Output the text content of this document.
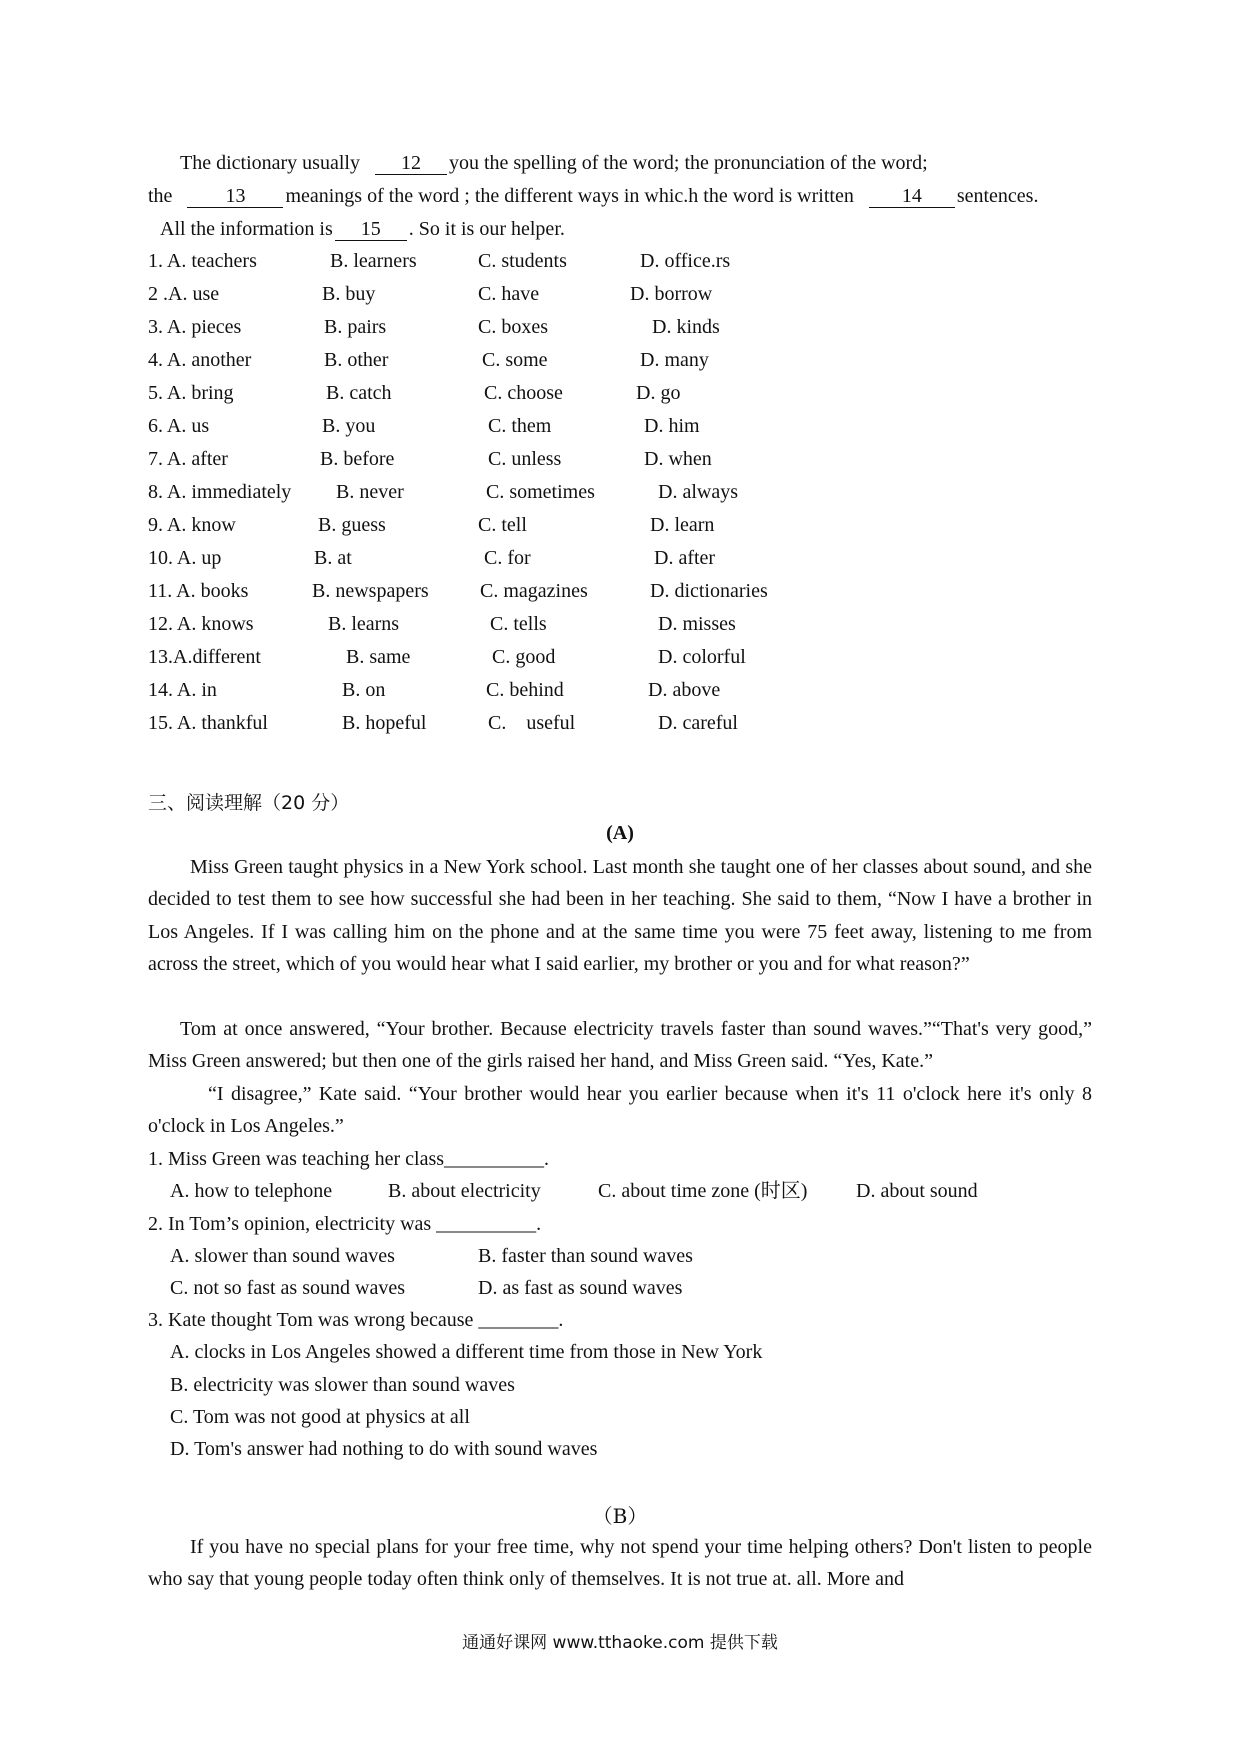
The dictionary usually 12 you the spelling of the word; the pronunciation of the word;
the	13 meanings of the word ; the different ways in whic.h the word is written 14 sentences.
All the information is 15 . So it is our helper.
1. A. teachers	B. learners	C. students	D. office.rs
2 .A. use	B. buy	C. have	D. borrow
3. A. pieces	B. pairs	C. boxes	D. kinds
4. A. another	B. other	C. some	D. many
5. A. bring	B. catch	C. choose	D. go
6. A. us	B. you	C. them	D. him
7. A. after	B. before	C. unless	D. when
8. A. immediately B. never	C. sometimes	D. always
9. A. know	B. guess	C. tell	D. learn
10. A. up	B. at	C. for	D. after
11. A. books	B. newspapers	C. magazines	D. dictionaries
12. A. knows	B. learns	C. tells	D. misses
13.A.different	B. same	C. good	D. colorful
14. A. in	B. on	C. behind	D. above
15. A. thankful	B. hopeful	C.    useful	D. careful
三、阅读理解（20 分）
(A)
Miss Green taught physics in a New York school. Last month she taught one of her classes about sound, and she decided to test them to see how successful she had been in her teaching. She said to them, “Now I have a brother in Los Angeles. If I was calling him on the phone and at the same time you were 75 feet away, listening to me from across the street, which of you would hear what I said earlier, my brother or you and for what reason?”
Tom at once answered, “Your brother. Because electricity travels faster than sound waves.”“That's very good,” Miss Green answered; but then one of the girls raised her hand, and Miss Green said. “Yes, Kate.”
“I disagree,” Kate said. “Your brother would hear you earlier because when it's 11 o'clock here it's only 8 o'clock in Los Angeles.”
1. Miss Green was teaching her class__________.
A. how to telephone	B. about electricity	C. about time zone (时区) D. about sound
2. In Tom’s opinion, electricity was __________.
A. slower than sound waves	B. faster than sound waves
C. not so fast as sound waves	D. as fast as sound waves
3. Kate thought Tom was wrong because ________.
A. clocks in Los Angeles showed a different time from those in New York
B. electricity was slower than sound waves
C. Tom was not good at physics at all
D. Tom's answer had nothing to do with sound waves
（B）
If you have no special plans for your free time, why not spend your time helping others? Don't listen to people who say that young people today often think only of themselves. It is not true at. all. More and
通通好课网 www.tthaoke.com 提供下载
